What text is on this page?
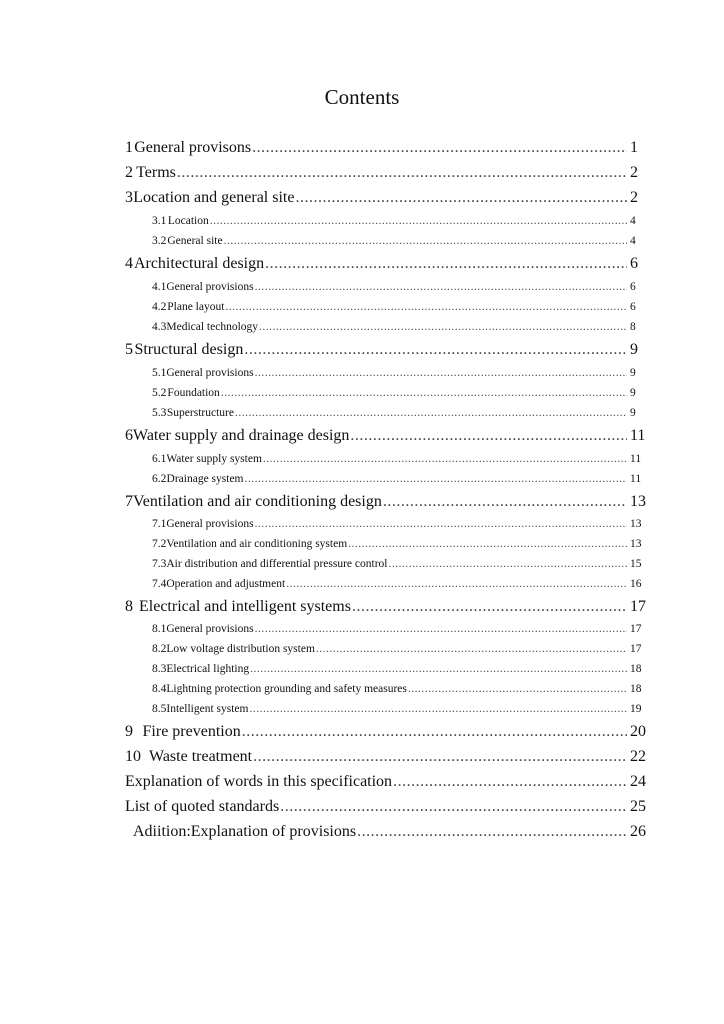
Contents
1 General provisons .....	1
2 Terms .....	2
3 Location and general site .....	2
3.1 Location .....	4
3.2 General site .....	4
4 Architectural design .....	6
4.1 General provisions .....	6
4.2 Plane layout .....	6
4.3 Medical technology .....	8
5 Structural design .....	9
5.1 General provisions .....	9
5.2 Foundation .....	9
5.3 Superstructure .....	9
6 Water supply and drainage design .....	11
6.1 Water supply system .....	11
6.2 Drainage system .....	11
7 Ventilation and air conditioning design .....	13
7.1 General provisions .....	13
7.2 Ventilation and air conditioning system .....	13
7.3 Air distribution and differential pressure control .....	15
7.4 Operation and adjustment .....	16
8 Electrical and intelligent systems .....	17
8.1 General provisions .....	17
8.2 Low voltage distribution system .....	17
8.3 Electrical lighting .....	18
8.4 Lightning protection grounding and safety measures .....	18
8.5 Intelligent system .....	19
9 Fire prevention .....	20
10 Waste treatment .....	22
Explanation of words in this specification .....	24
List of quoted standards .....	25
Adiition:Explanation of provisions .....	26
